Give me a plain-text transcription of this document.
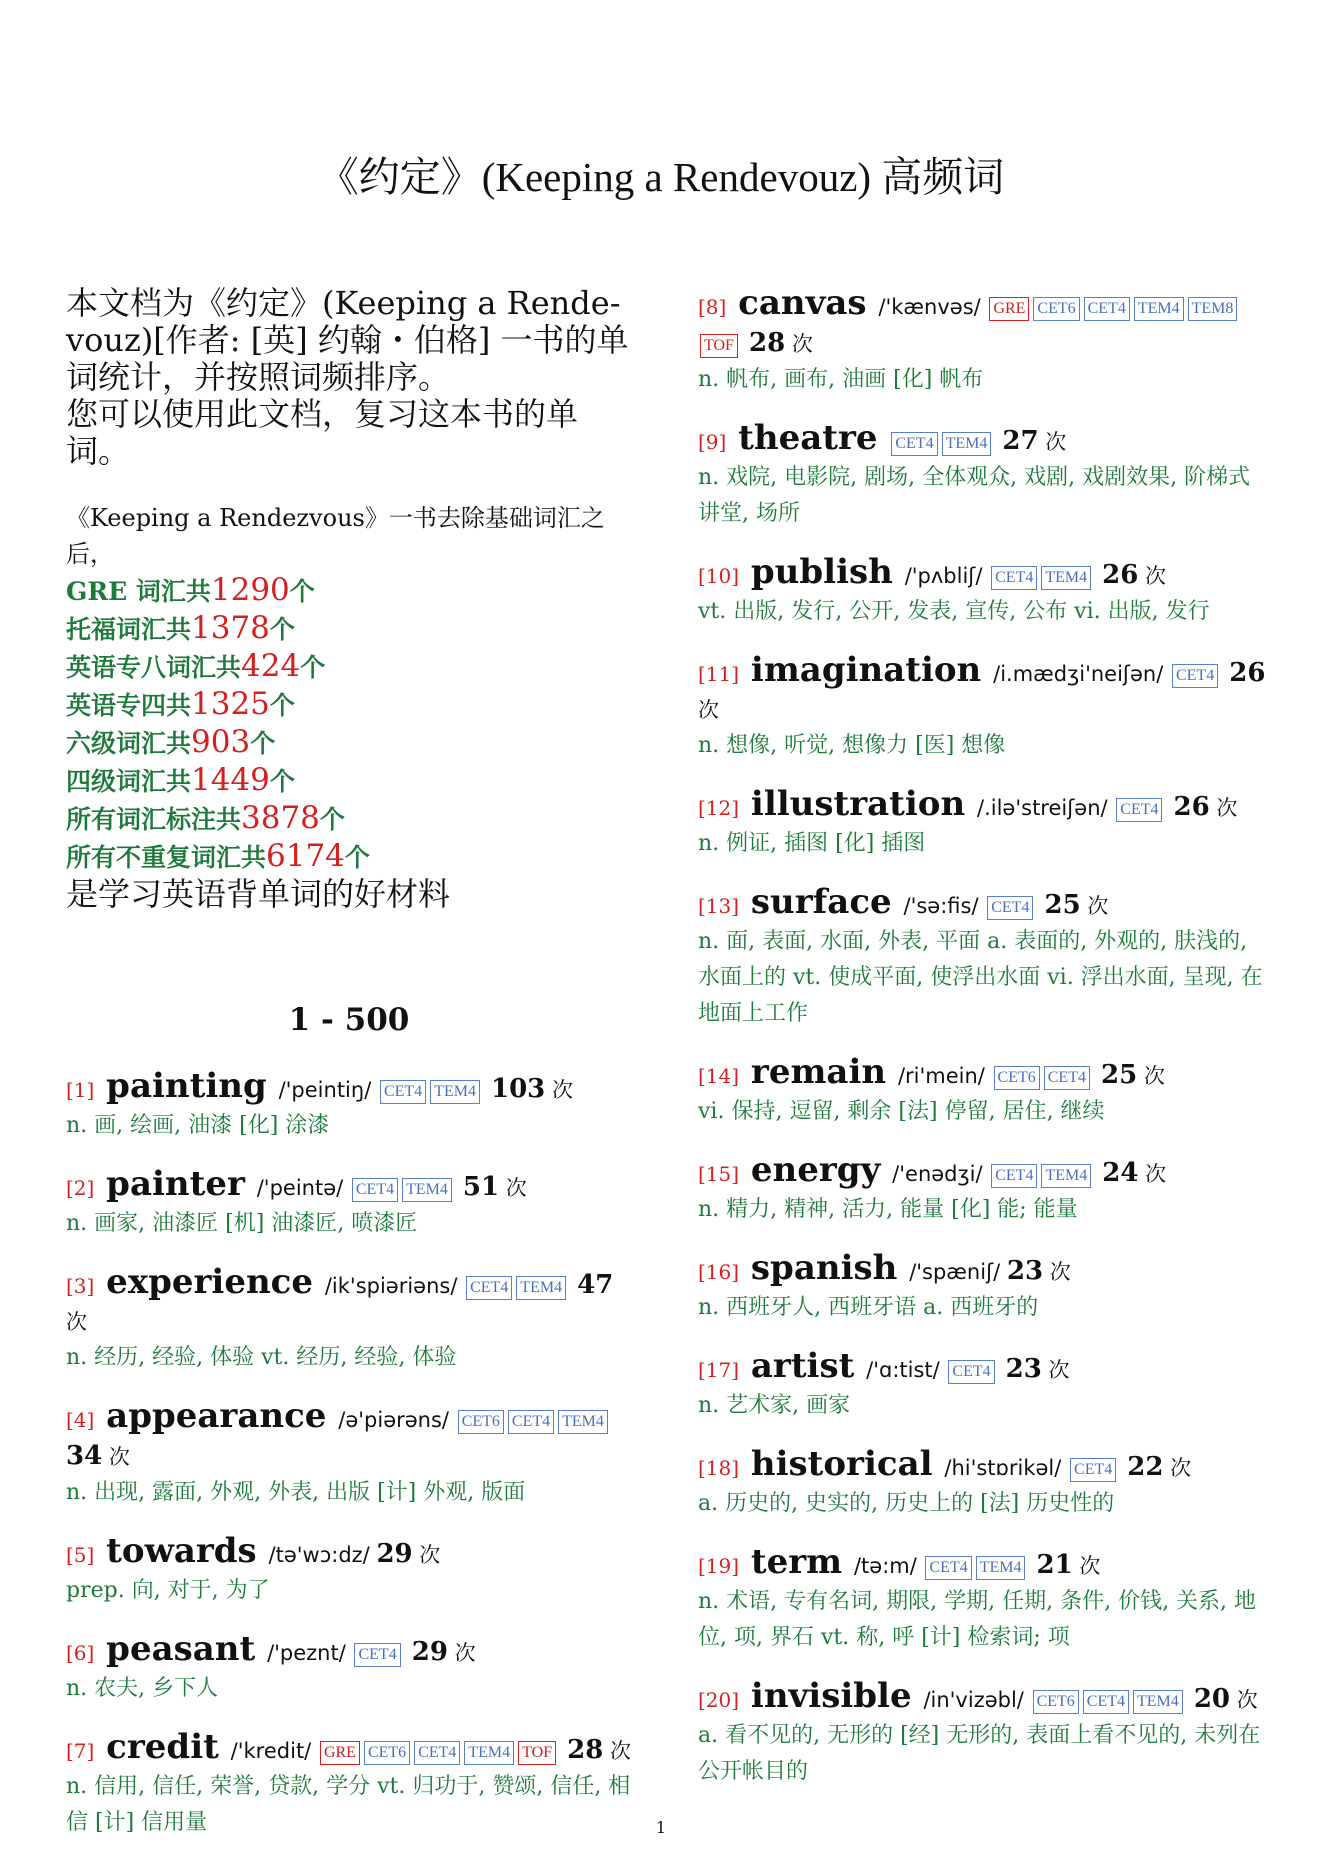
《约定》(Keeping a Rendevouz) 高频词
本文档为《约定》(Keeping a Rende-vouz)[作者: [英] 约翰・伯格] 一书的单词统计，并按照词频排序。
您可以使用此文档，复习这本书的单词。
《Keeping a Rendezvous》一书去除基础词汇之后，
GRE 词汇共1290个
托福词汇共1378个
英语专八词汇共424个
英语专四共1325个
六级词汇共903个
四级词汇共1449个
所有词汇标注共3878个
所有不重复词汇共6174个
是学习英语背单词的好材料
1 - 500
[1] painting /'peintiŋ/ CET4 TEM4 103 次
n. 画, 绘画, 油漆 [化] 涂漆
[2] painter /'peintə/ CET4 TEM4 51 次
n. 画家, 油漆匠 [机] 油漆匠, 喷漆匠
[3] experience /ik'spiəriəns/ CET4 TEM4 47 次
n. 经历, 经验, 体验 vt. 经历, 经验, 体验
[4] appearance /ə'piərəns/ CET6 CET4 TEM4 34 次
n. 出现, 露面, 外观, 外表, 出版 [计] 外观, 版面
[5] towards /tə'wɔ:dz/ 29 次
prep. 向, 对于, 为了
[6] peasant /'peznt/ CET4 29 次
n. 农夫, 乡下人
[7] credit /'kredit/ GRE CET6 CET4 TEM4 TOF 28 次
n. 信用, 信任, 荣誉, 贷款, 学分 vt. 归功于, 赞颂, 信任, 相信 [计] 信用量
[8] canvas /'kænvəs/ GRE CET6 CET4 TEM4 TEM8TOF 28 次
n. 帆布, 画布, 油画 [化] 帆布
[9] theatre CET4 TEM4 27 次
n. 戏院, 电影院, 剧场, 全体观众, 戏剧, 戏剧效果, 阶梯式讲堂, 场所
[10] publish /'pʌbliʃ/ CET4 TEM4 26 次
vt. 出版, 发行, 公开, 发表, 宣传, 公布 vi. 出版, 发行
[11] imagination /i.mædʒi'neiʃən/ CET4 26 次
n. 想像, 听觉, 想像力 [医] 想像
[12] illustration /.ilə'streiʃən/ CET4 26 次
n. 例证, 插图 [化] 插图
[13] surface /'sə:fis/ CET4 25 次
n. 面, 表面, 水面, 外表, 平面 a. 表面的, 外观的, 肤浅的, 水面上的 vt. 使成平面, 使浮出水面 vi. 浮出水面, 呈现, 在地面上工作
[14] remain /ri'mein/ CET6 CET4 25 次
vi. 保持, 逗留, 剩余 [法] 停留, 居住, 继续
[15] energy /'enədʒi/ CET4 TEM4 24 次
n. 精力, 精神, 活力, 能量 [化] 能; 能量
[16] spanish /'spæniʃ/ 23 次
n. 西班牙人, 西班牙语 a. 西班牙的
[17] artist /'ɑ:tist/ CET4 23 次
n. 艺术家, 画家
[18] historical /hi'stɒrikəl/ CET4 22 次
a. 历史的, 史实的, 历史上的 [法] 历史性的
[19] term /tə:m/ CET4 TEM4 21 次
n. 术语, 专有名词, 期限, 学期, 任期, 条件, 价钱, 关系, 地位, 项, 界石 vt. 称, 呼 [计] 检索词; 项
[20] invisible /in'vizəbl/ CET6 CET4 TEM4 20 次
a. 看不见的, 无形的 [经] 无形的, 表面上看不见的, 未列在公开帐目的
1
